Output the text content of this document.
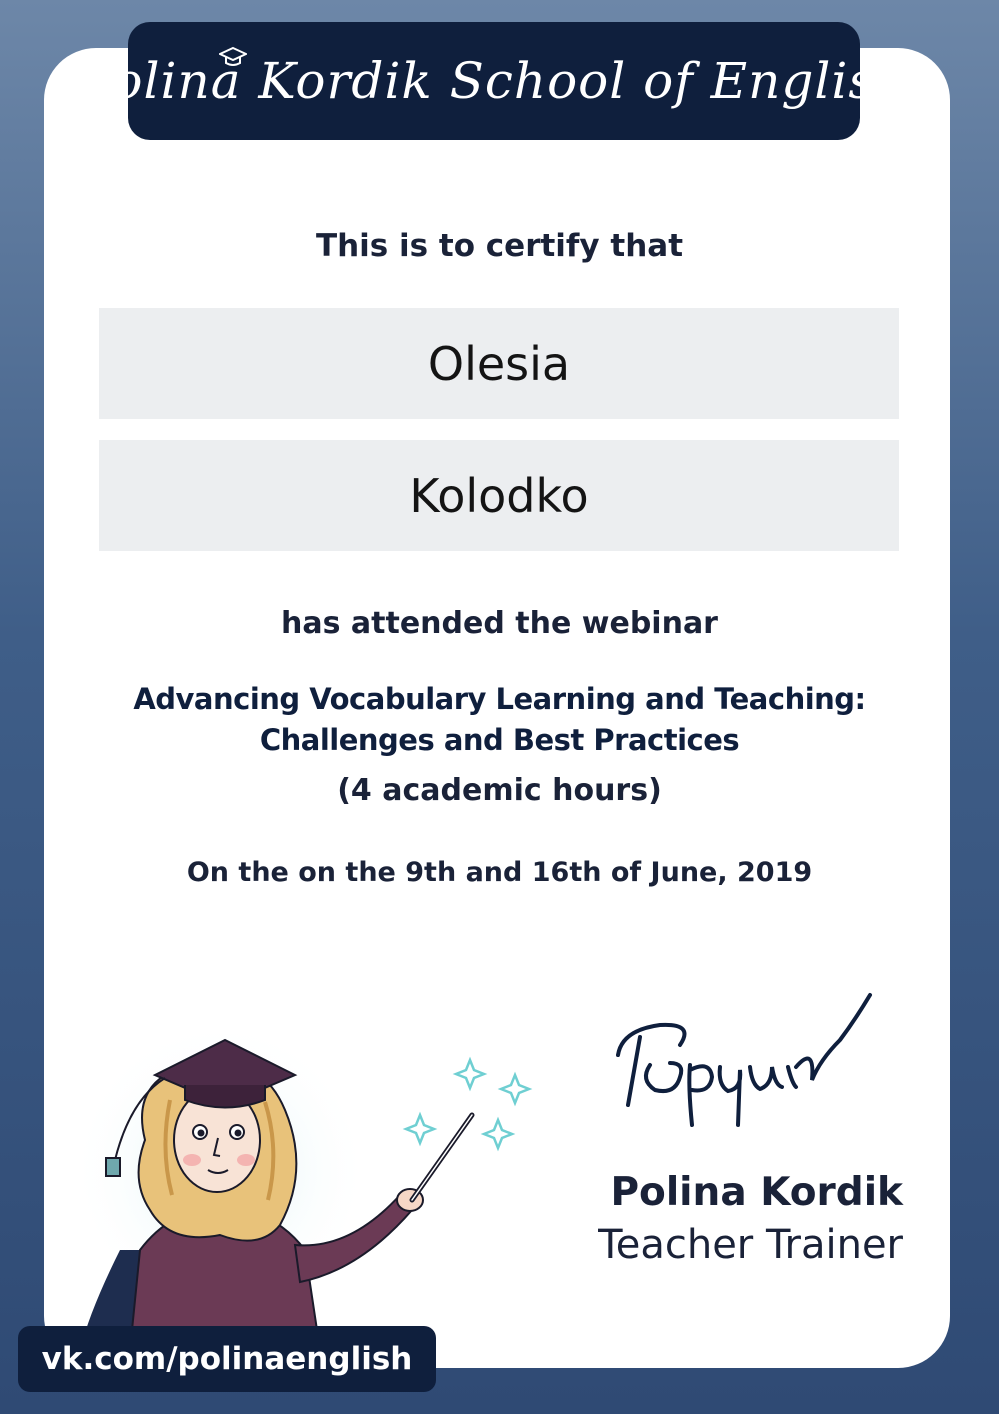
Polina Kordik School of English
This is to certify that
Olesia
Kolodko
has attended the webinar
Advancing Vocabulary Learning and Teaching:
Challenges and Best Practices
(4 academic hours)
On the on the 9th and 16th of June, 2019
Polina Kordik
Teacher Trainer
vk.com/polinaenglish
